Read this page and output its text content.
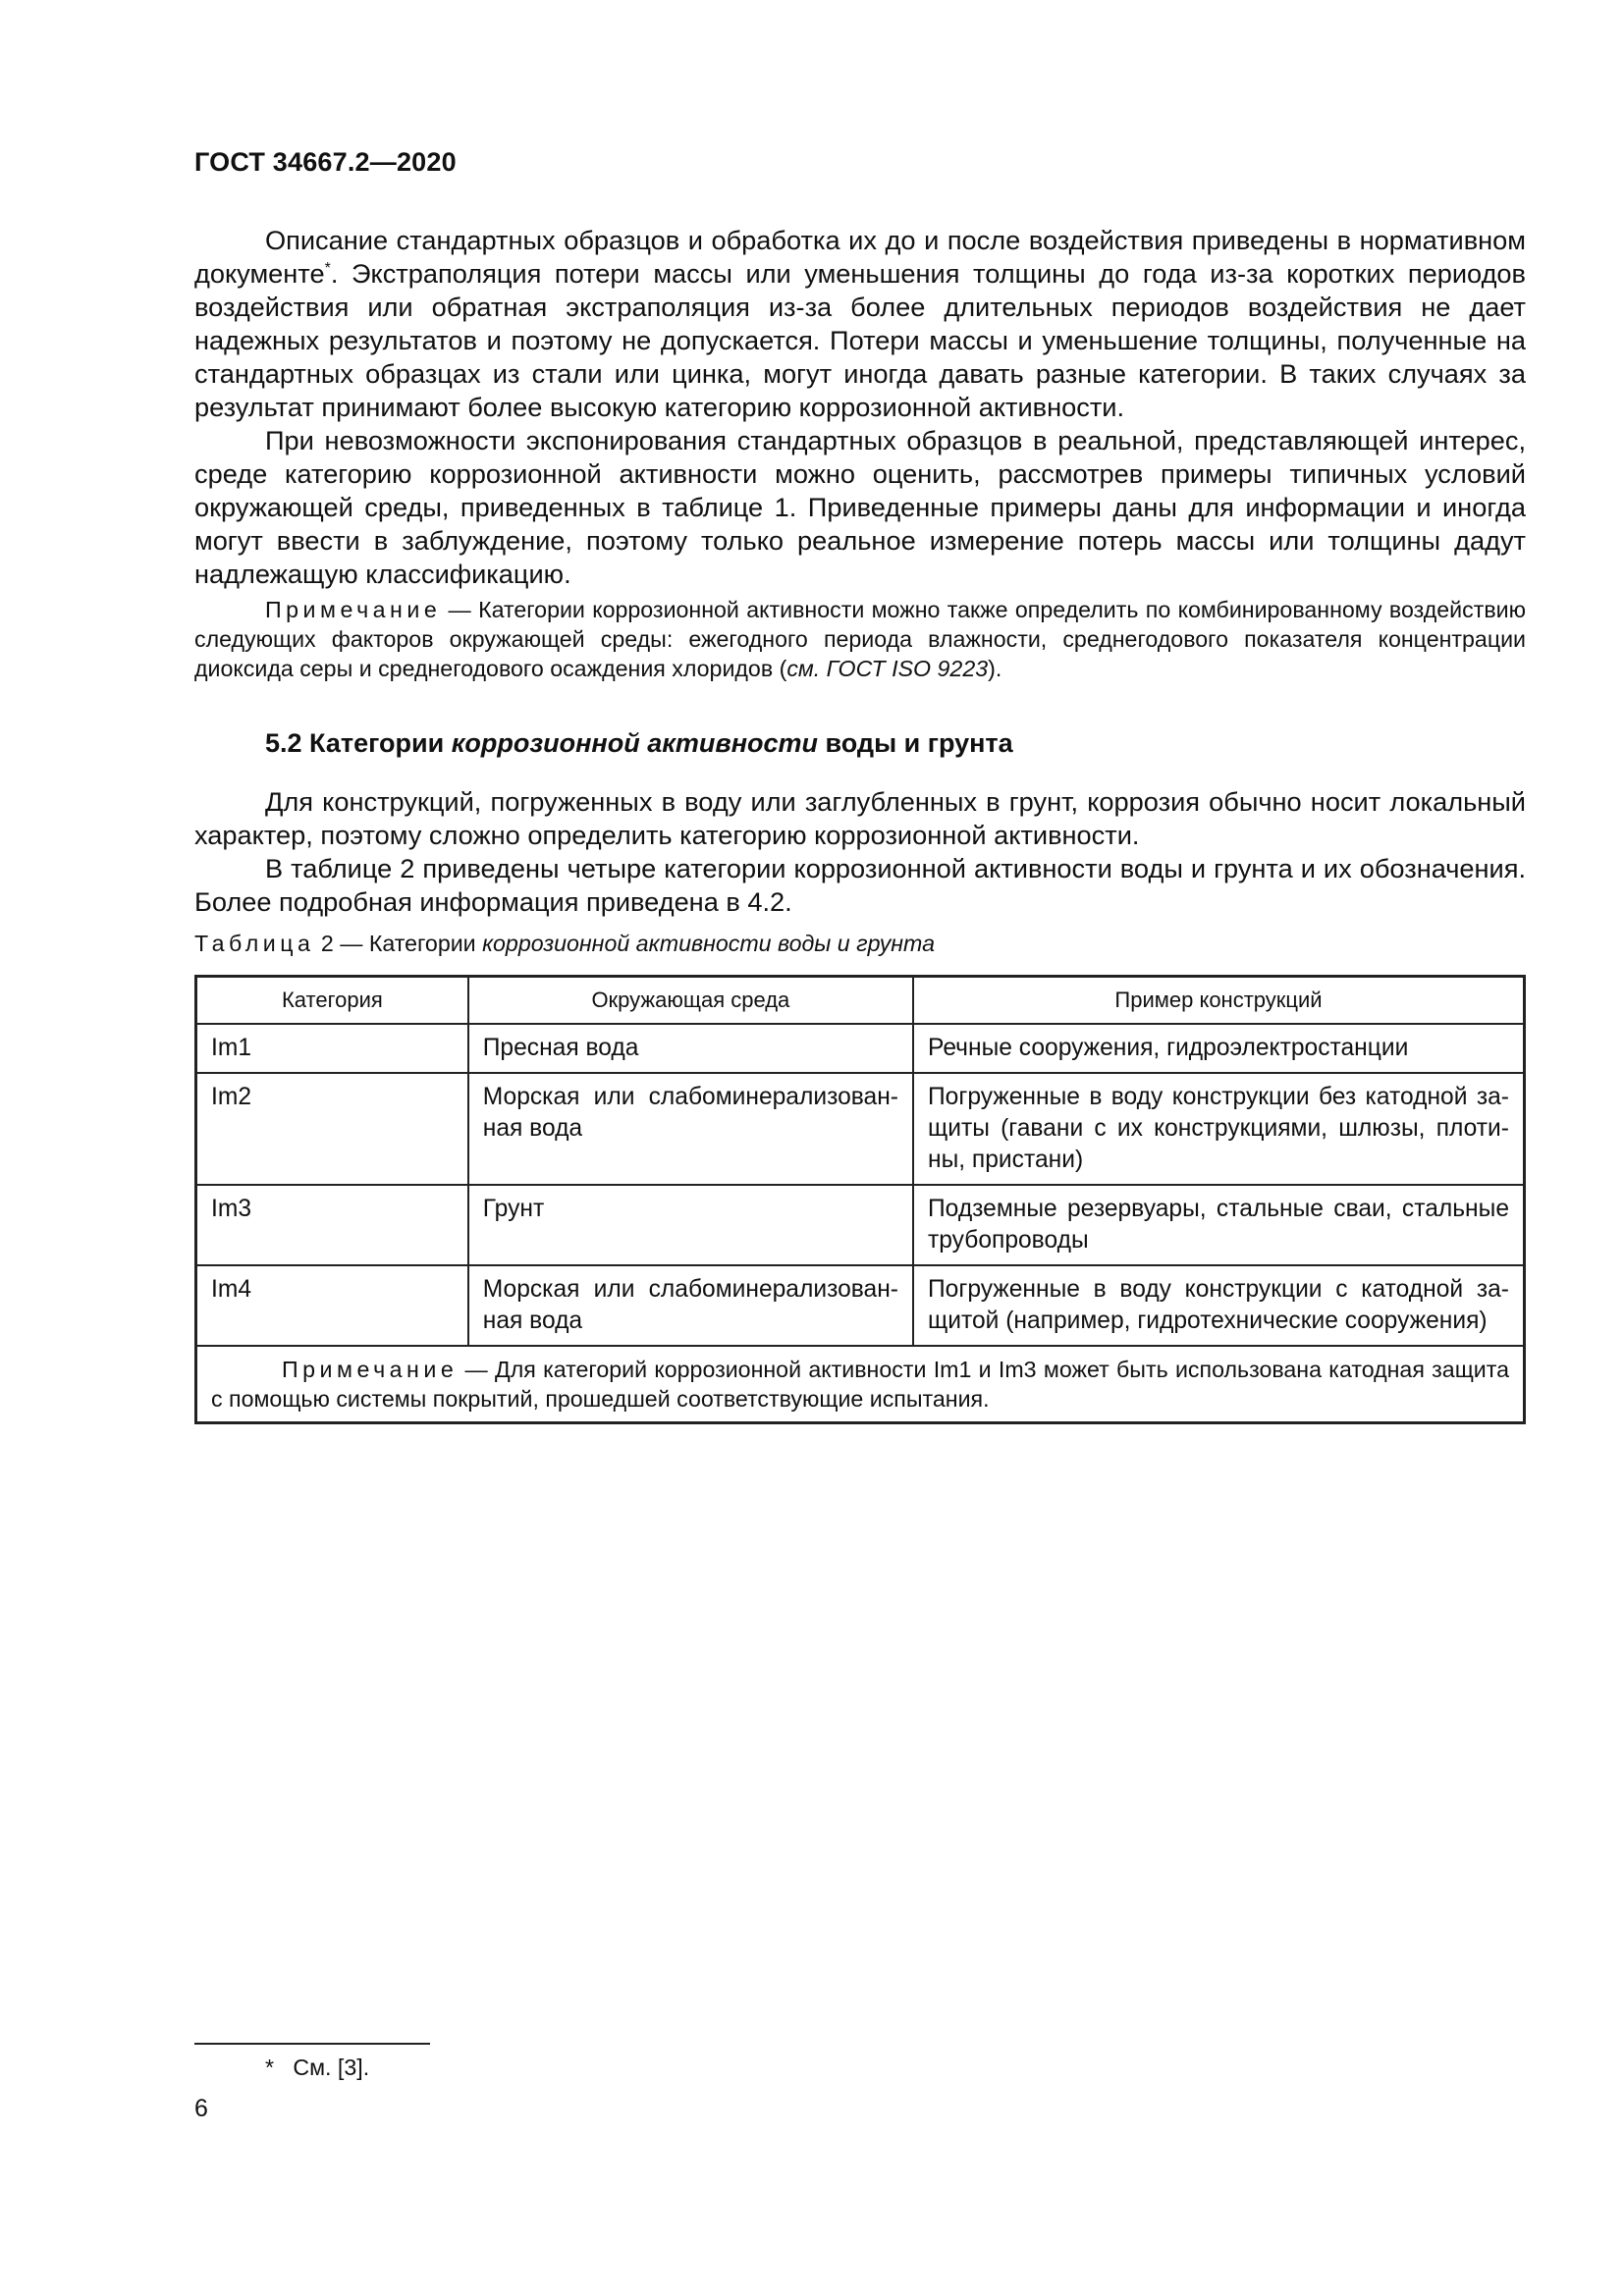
ГОСТ 34667.2—2020

Описание стандартных образцов и обработка их до и после воздействия приведены в нормативном документе*. Экстраполяция потери массы или уменьшения толщины до года из-за коротких периодов воздействия или обратная экстраполяция из-за более длительных периодов воздействия не дает надежных результатов и поэтому не допускается. Потери массы и уменьшение толщины, полученные на стандартных образцах из стали или цинка, могут иногда давать разные категории. В таких случаях за результат принимают более высокую категорию коррозионной активности.

При невозможности экспонирования стандартных образцов в реальной, представляющей интерес, среде категорию коррозионной активности можно оценить, рассмотрев примеры типичных условий окружающей среды, приведенных в таблице 1. Приведенные примеры даны для информации и иногда могут ввести в заблуждение, поэтому только реальное измерение потерь массы или толщины дадут надлежащую классификацию.

Примечание — Категории коррозионной активности можно также определить по комбинированному воздействию следующих факторов окружающей среды: ежегодного периода влажности, среднегодового показателя концентрации диоксида серы и среднегодового осаждения хлоридов (см. ГОСТ ISO 9223).

5.2 Категории коррозионной активности воды и грунта

Для конструкций, погруженных в воду или заглубленных в грунт, коррозия обычно носит локальный характер, поэтому сложно определить категорию коррозионной активности.

В таблице 2 приведены четыре категории коррозионной активности воды и грунта и их обозначения. Более подробная информация приведена в 4.2.

Таблица 2 — Категории коррозионной активности воды и грунта
Категория	Окружающая среда	Пример конструкций
Im1	Пресная вода	Речные сооружения, гидроэлектростанции
Im2	Морская или слабоминерализованная вода	Погруженные в воду конструкции без катодной защиты (гавани с их конструкциями, шлюзы, плотины, пристани)
Im3	Грунт	Подземные резервуары, стальные сваи, стальные трубопроводы
Im4	Морская или слабоминерализованная вода	Погруженные в воду конструкции с катодной защитой (например, гидротехнические сооружения)
Примечание — Для категорий коррозионной активности Im1 и Im3 может быть использована катодная защита с помощью системы покрытий, прошедшей соответствующие испытания.		
* См. [3].
6
